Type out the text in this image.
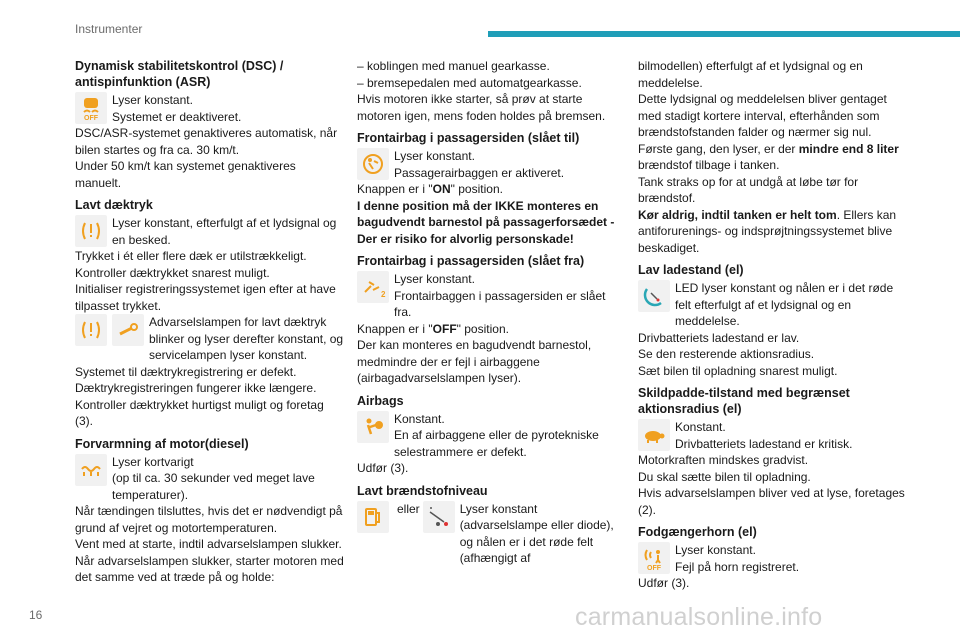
Instrumenter
Dynamisk stabilitetskontrol (DSC) / antispinfunktion (ASR)
OFF

Lyser konstant.

Systemet er deaktiveret.

DSC/ASR-systemet genaktiveres automatisk, når bilen startes og fra ca. 30 km/t.

Under 50 km/t kan systemet genaktiveres manuelt.

Lavt dæktryk

Lyser konstant, efterfulgt af et lydsignal og en besked.

Trykket i ét eller flere dæk er utilstrækkeligt.

Kontroller dæktrykket snarest muligt.

Initialiser registreringssystemet igen efter at have tilpasset trykket.

Advarselslampen for lavt dæktryk blinker og lyser derefter konstant, og servicelampen lyser konstant.

Systemet til dæktrykregistrering er defekt.

Dæktrykregistreringen fungerer ikke længere.

Kontroller dæktrykket hurtigst muligt og foretag (3).

Forvarmning af motor(diesel)

Lyser kortvarigt

(op til ca. 30 sekunder ved meget lave temperaturer).

Når tændingen tilsluttes, hvis det er nødvendigt på grund af vejret og motortemperaturen.

Vent med at starte, indtil advarselslampen slukker.

Når advarselslampen slukker, starter motoren med det samme ved at træde på og holde:

– koblingen med manuel gearkasse.

– bremsepedalen med automatgearkasse.

Hvis motoren ikke starter, så prøv at starte motoren igen, mens foden holdes på bremsen.

Frontairbag i passagersiden (slået til)

Lyser konstant.

Passagerairbaggen er aktiveret.

Knappen er i "ON" position.

I denne position må der IKKE monteres en bagudvendt barnestol på passagerforsædet - Der er risiko for alvorlig personskade!

Frontairbag i passagersiden (slået fra)
2

Lyser konstant.

Frontairbaggen i passagersiden er slået fra.

Knappen er i "OFF" position.

Der kan monteres en bagudvendt barnestol, medmindre der er fejl i airbaggene (airbagadvarselslampen lyser).

Airbags

Konstant.

En af airbaggene eller de pyrotekniske selestrammere er defekt.

Udfør (3).

Lavt brændstofniveau
eller	Lyser konstant (advarselslampe eller diode), og nålen er i det røde felt (afhængigt af

bilmodellen) efterfulgt af et lydsignal og en meddelelse.

Dette lydsignal og meddelelsen bliver gentaget med stadigt kortere interval, efterhånden som brændstofstanden falder og nærmer sig nul.

Første gang, den lyser, er der mindre end 8 liter brændstof tilbage i tanken.

Tank straks op for at undgå at løbe tør for brændstof.

Kør aldrig, indtil tanken er helt tom. Ellers kan antiforurenings- og indsprøjtningssystemet blive beskadiget.

Lav ladestand (el)

LED lyser konstant og nålen er i det røde felt efterfulgt af et lydsignal og en meddelelse.

Drivbatteriets ladestand er lav.

Se den resterende aktionsradius.

Sæt bilen til opladning snarest muligt.

Skildpadde-tilstand med begrænset aktionsradius (el)

Konstant.

Drivbatteriets ladestand er kritisk.

Motorkraften mindskes gradvist.

Du skal sætte bilen til opladning.

Hvis advarselslampen bliver ved at lyse, foretages (2).

Fodgængerhorn (el)
OFF

Lyser konstant.

Fejl på horn registreret.

Udfør (3).

16	carmanualsonline.info
